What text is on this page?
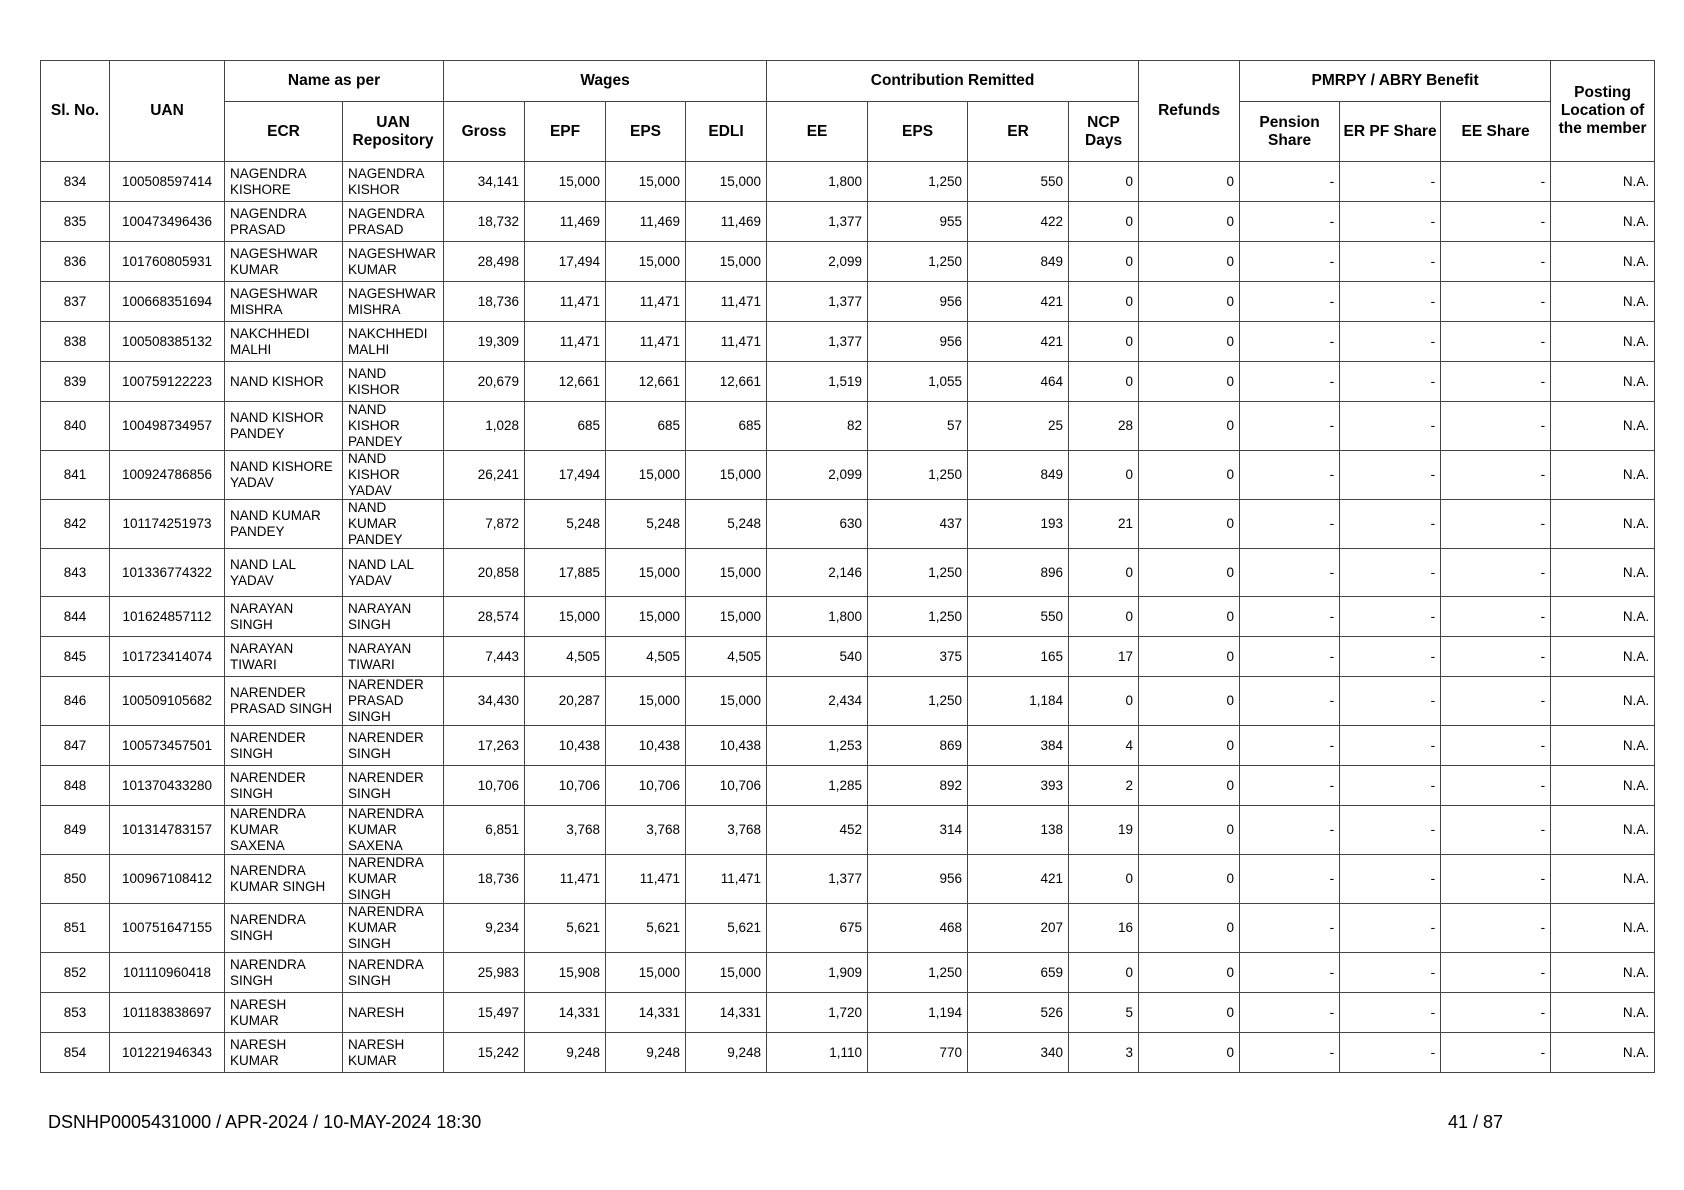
Sl. No.	UAN	Name as per		Wages				Contribution Remitted				Refunds	PMRPY / ABRY Benefit			Posting Location of the member
		ECR	UAN Repository	Gross	EPF	EPS	EDLI	EE	EPS	ER	NCP Days		Pension Share	ER PF Share	EE Share	
834	100508597414	NAGENDRA KISHORE	NAGENDRA KISHOR	34,141	15,000	15,000	15,000	1,800	1,250	550	0	0	-	-	-	N.A.
835	100473496436	NAGENDRA PRASAD	NAGENDRA PRASAD	18,732	11,469	11,469	11,469	1,377	955	422	0	0	-	-	-	N.A.
836	101760805931	NAGESHWAR KUMAR	NAGESHWAR KUMAR	28,498	17,494	15,000	15,000	2,099	1,250	849	0	0	-	-	-	N.A.
837	100668351694	NAGESHWAR MISHRA	NAGESHWAR MISHRA	18,736	11,471	11,471	11,471	1,377	956	421	0	0	-	-	-	N.A.
838	100508385132	NAKCHHEDI MALHI	NAKCHHEDI MALHI	19,309	11,471	11,471	11,471	1,377	956	421	0	0	-	-	-	N.A.
839	100759122223	NAND KISHOR	NAND KISHOR	20,679	12,661	12,661	12,661	1,519	1,055	464	0	0	-	-	-	N.A.
840	100498734957	NAND KISHOR PANDEY	NAND KISHOR PANDEY	1,028	685	685	685	82	57	25	28	0	-	-	-	N.A.
841	100924786856	NAND KISHORE YADAV	NAND KISHOR YADAV	26,241	17,494	15,000	15,000	2,099	1,250	849	0	0	-	-	-	N.A.
842	101174251973	NAND KUMAR PANDEY	NAND KUMAR PANDEY	7,872	5,248	5,248	5,248	630	437	193	21	0	-	-	-	N.A.
843	101336774322	NAND LAL YADAV	NAND LAL YADAV	20,858	17,885	15,000	15,000	2,146	1,250	896	0	0	-	-	-	N.A.
844	101624857112	NARAYAN SINGH	NARAYAN SINGH	28,574	15,000	15,000	15,000	1,800	1,250	550	0	0	-	-	-	N.A.
845	101723414074	NARAYAN TIWARI	NARAYAN TIWARI	7,443	4,505	4,505	4,505	540	375	165	17	0	-	-	-	N.A.
846	100509105682	NARENDER PRASAD SINGH	NARENDER PRASAD SINGH	34,430	20,287	15,000	15,000	2,434	1,250	1,184	0	0	-	-	-	N.A.
847	100573457501	NARENDER SINGH	NARENDER SINGH	17,263	10,438	10,438	10,438	1,253	869	384	4	0	-	-	-	N.A.
848	101370433280	NARENDER SINGH	NARENDER SINGH	10,706	10,706	10,706	10,706	1,285	892	393	2	0	-	-	-	N.A.
849	101314783157	NARENDRA KUMAR SAXENA	NARENDRA KUMAR SAXENA	6,851	3,768	3,768	3,768	452	314	138	19	0	-	-	-	N.A.
850	100967108412	NARENDRA KUMAR SINGH	NARENDRA KUMAR SINGH	18,736	11,471	11,471	11,471	1,377	956	421	0	0	-	-	-	N.A.
851	100751647155	NARENDRA SINGH	NARENDRA KUMAR SINGH	9,234	5,621	5,621	5,621	675	468	207	16	0	-	-	-	N.A.
852	101110960418	NARENDRA SINGH	NARENDRA SINGH	25,983	15,908	15,000	15,000	1,909	1,250	659	0	0	-	-	-	N.A.
853	101183838697	NARESH KUMAR	NARESH	15,497	14,331	14,331	14,331	1,720	1,194	526	5	0	-	-	-	N.A.
854	101221946343	NARESH KUMAR	NARESH KUMAR	15,242	9,248	9,248	9,248	1,110	770	340	3	0	-	-	-	N.A.
DSNHP0005431000 / APR-2024 / 10-MAY-2024 18:30	41 / 87
